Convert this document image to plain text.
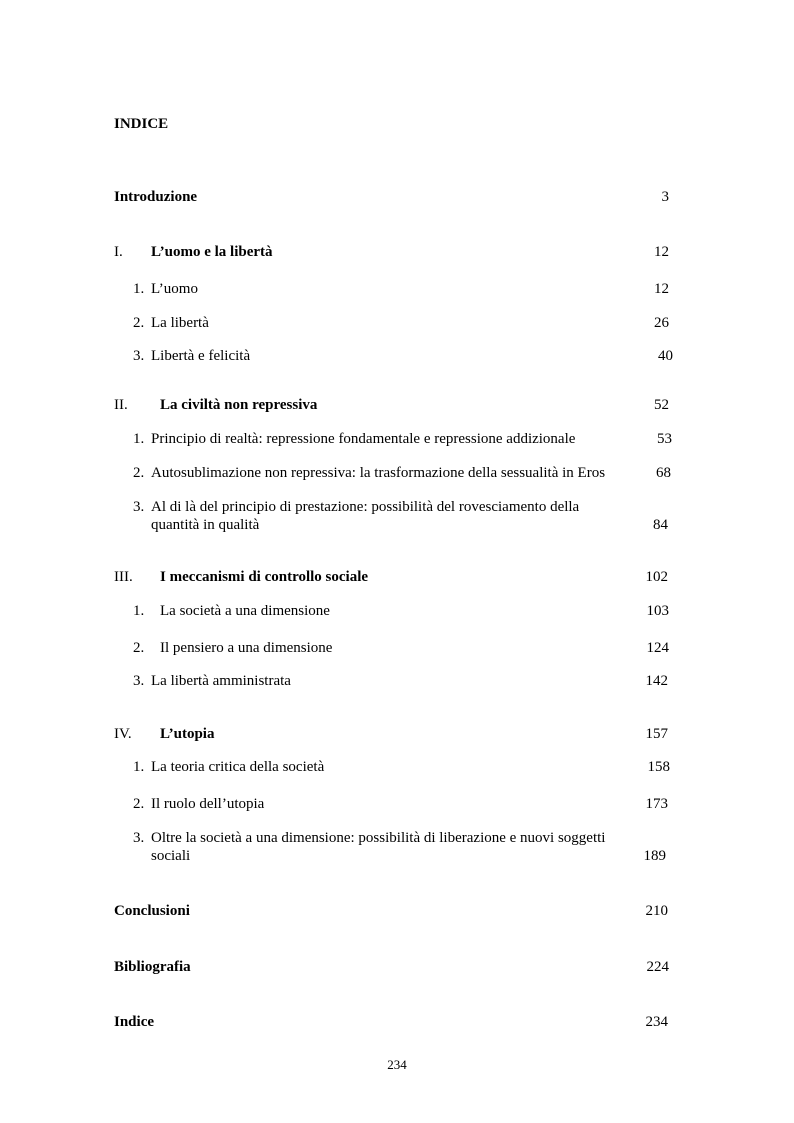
INDICE
Introduzione	3
I. L’uomo e la libertà	12
1. L’uomo	12
2. La libertà	26
3. Libertà e felicità	40
II. La civiltà non repressiva	52
1. Principio di realtà: repressione fondamentale e repressione addizionale	53
2. Autosublimazione non repressiva: la trasformazione della sessualità in Eros	68
3. Al di là del principio di prestazione: possibilità del rovesciamento della
quantità in qualità	84
III. I meccanismi di controllo sociale	102
1. La società a una dimensione	103
2. Il pensiero a una dimensione	124
3. La libertà amministrata	142
IV. L’utopia	157
1. La teoria critica della società	158
2. Il ruolo dell’utopia	173
3. Oltre la società a una dimensione: possibilità di liberazione e nuovi soggetti
sociali	189
Conclusioni	210
Bibliografia	224
Indice	234
234
